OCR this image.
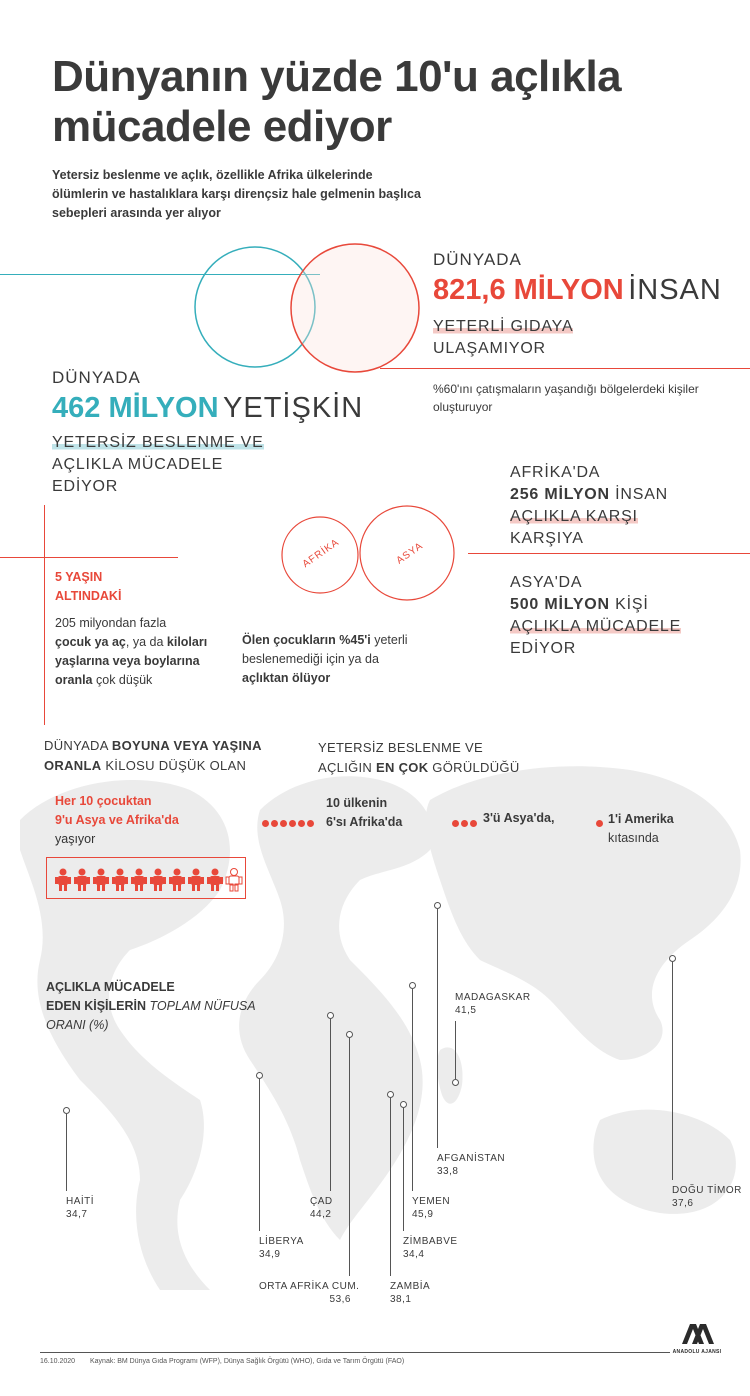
Dünyanın yüzde 10'u açlıkla mücadele ediyor
Yetersiz beslenme ve açlık, özellikle Afrika ülkelerinde ölümlerin ve hastalıklara karşı dirençsiz hale gelmenin başlıca sebepleri arasında yer alıyor
DÜNYADA
821,6 MİLYON İNSAN
YETERLİ GIDAYA
ULAŞAMIYOR
%60'ını çatışmaların yaşandığı bölgelerdeki kişiler oluşturuyor
DÜNYADA
462 MİLYON YETİŞKİN
YETERSİZ BESLENME VE
AÇLIKLA MÜCADELE
EDİYOR
AFRİKA	ASYA
AFRİKA'DA
256 MİLYON İNSAN
AÇLIKLA KARŞI
KARŞIYA
ASYA'DA
500 MİLYON KİŞİ
AÇLIKLA MÜCADELE
EDİYOR
5 YAŞIN
ALTINDAKİ
205 milyondan fazla
çocuk ya aç, ya da kiloları
yaşlarına veya boylarına
oranla çok düşük
Ölen çocukların %45'i yeterli
beslenemediği için ya da
açlıktan ölüyor
DÜNYADA BOYUNA VEYA YAŞINA
ORANLA KİLOSU DÜŞÜK OLAN
Her 10 çocuktan
9'u Asya ve Afrika'da
yaşıyor
YETERSİZ BESLENME VE
AÇLIĞIN EN ÇOK GÖRÜLDÜĞÜ
10 ülkenin
6'sı Afrika'da	3'ü Asya'da,	1'i Amerika
kıtasında
AÇLIKLA MÜCADELE
EDEN KİŞİLERİN TOPLAM NÜFUSA
ORANI (%)
HAİTİ
34,7
LİBERYA
34,9
ÇAD
44,2
ORTA AFRİKA CUM.
53,6
ZAMBİA
38,1
ZİMBABVE
34,4
YEMEN
45,9
AFGANİSTAN
33,8
MADAGASKAR
41,5
DOĞU TİMOR
37,6
16.10.2020 Kaynak: BM Dünya Gıda Programı (WFP), Dünya Sağlık Örgütü (WHO), Gıda ve Tarım Örgütü (FAO)
ANADOLU AJANSI
